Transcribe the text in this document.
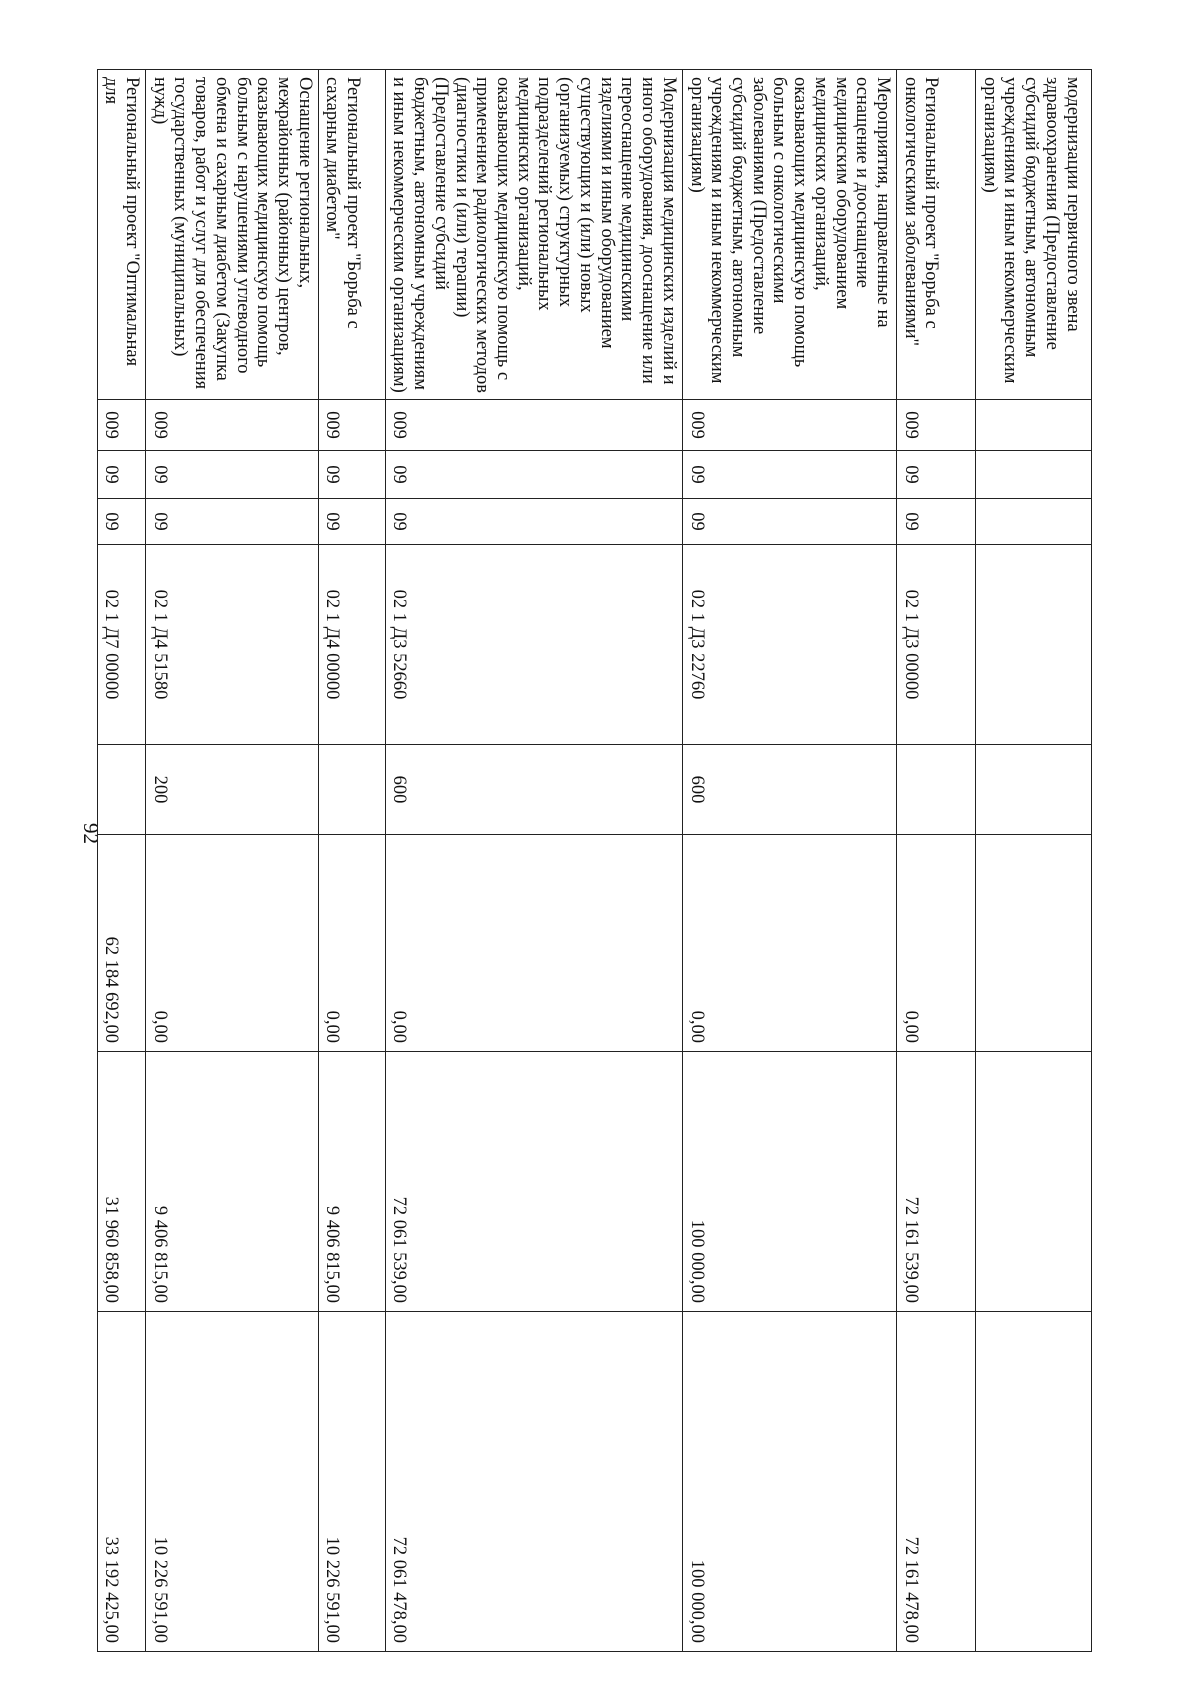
92
модернизации первичного звена здравоохранения (Предоставление субсидий бюджетным, автономным учреждениям и иным некоммерческим организациям)								
Региональный проект "Борьба с онкологическими заболеваниями"	009	09	09	02 1 Д3 00000		0,00	72 161 539,00	72 161 478,00
Мероприятия, направленные на оснащение и дооснащение медицинским оборудованием медицинских организаций, оказывающих медицинскую помощь больным с онкологическими заболеваниями (Предоставление субсидий бюджетным, автономным учреждениям и иным некоммерческим организациям)	009	09	09	02 1 Д3 22760	600	0,00	100 000,00	100 000,00
Модернизация медицинских изделий и иного оборудования, дооснащение или переоснащение медицинскими изделиями и иным оборудованием существующих и (или) новых (организуемых) структурных подразделений региональных медицинских организаций, оказывающих медицинскую помощь с применением радиологических методов (диагностики и (или) терапии) (Предоставление субсидий бюджетным, автономным учреждениям и иным некоммерческим организациям)	009	09	09	02 1 Д3 52660	600	0,00	72 061 539,00	72 061 478,00
Региональный проект "Борьба с сахарным диабетом"	009	09	09	02 1 Д4 00000		0,00	9 406 815,00	10 226 591,00
Оснащение региональных, межрайонных (районных) центров, оказывающих медицинскую помощь больным с нарушениями углеводного обмена и сахарным диабетом (Закупка товаров, работ и услуг для обеспечения государственных (муниципальных) нужд)	009	09	09	02 1 Д4 51580	200	0,00	9 406 815,00	10 226 591,00
Региональный проект "Оптимальная для	009	09	09	02 1 Д7 00000		62 184 692,00	31 960 858,00	33 192 425,00
